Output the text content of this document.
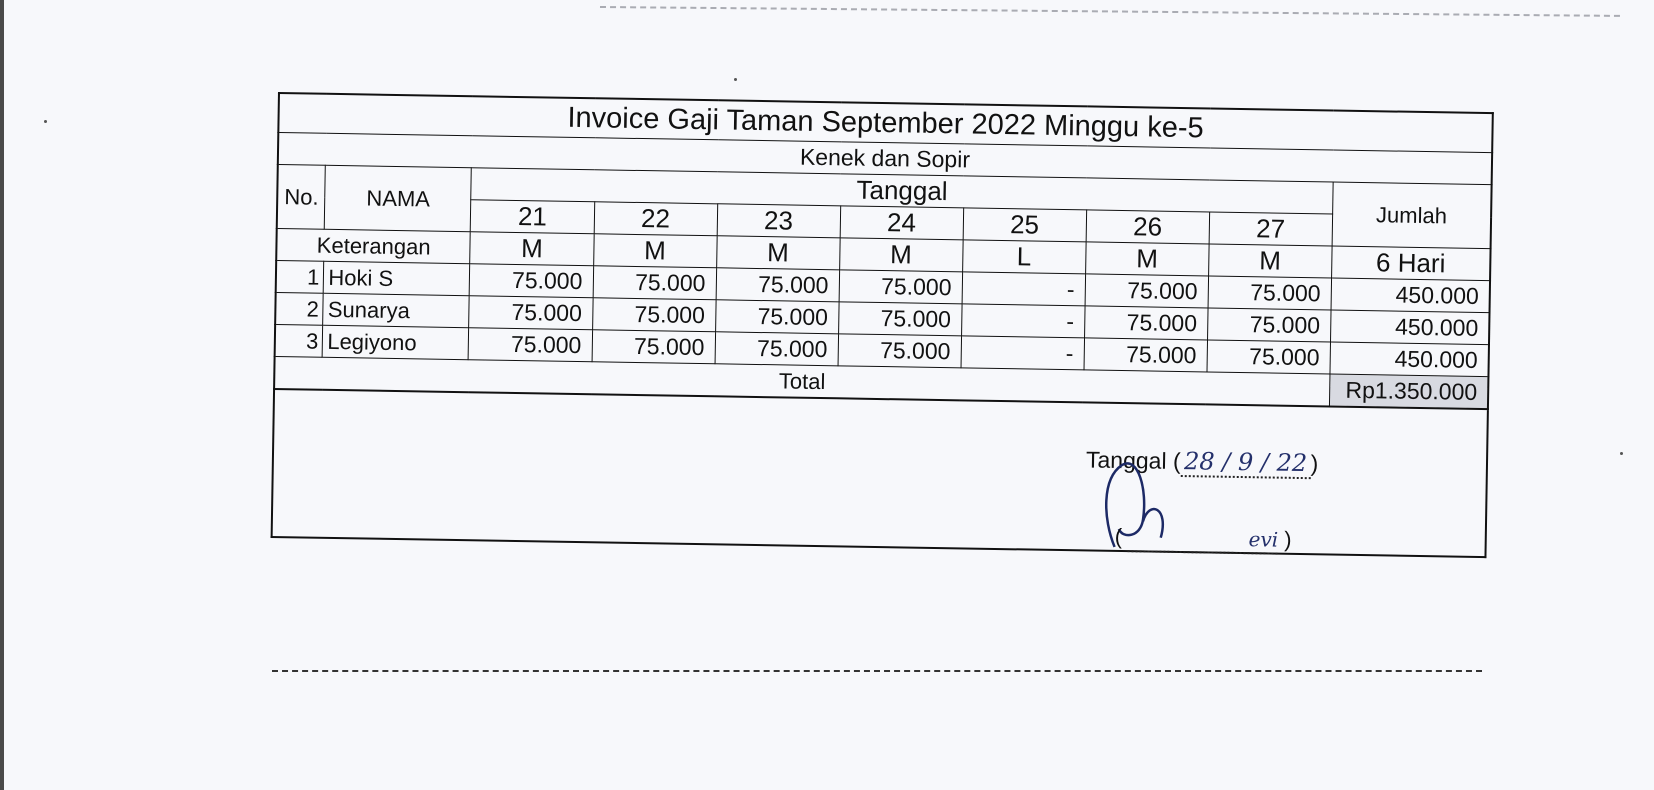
Invoice Gaji Taman September 2022 Minggu ke-5									
Kenek dan Sopir									
No.	NAMA	Tanggal							Jumlah
		21	22	23	24	25	26	27	
Keterangan		M	M	M	M	L	M	M	6 Hari
1	Hoki S	75.000	75.000	75.000	75.000	-	75.000	75.000	450.000
2	Sunarya	75.000	75.000	75.000	75.000	-	75.000	75.000	450.000
3	Legiyono	75.000	75.000	75.000	75.000	-	75.000	75.000	450.000
Total									Rp1.350.000
Tanggal ( 28 / 9 / 22 )
(	evi )
